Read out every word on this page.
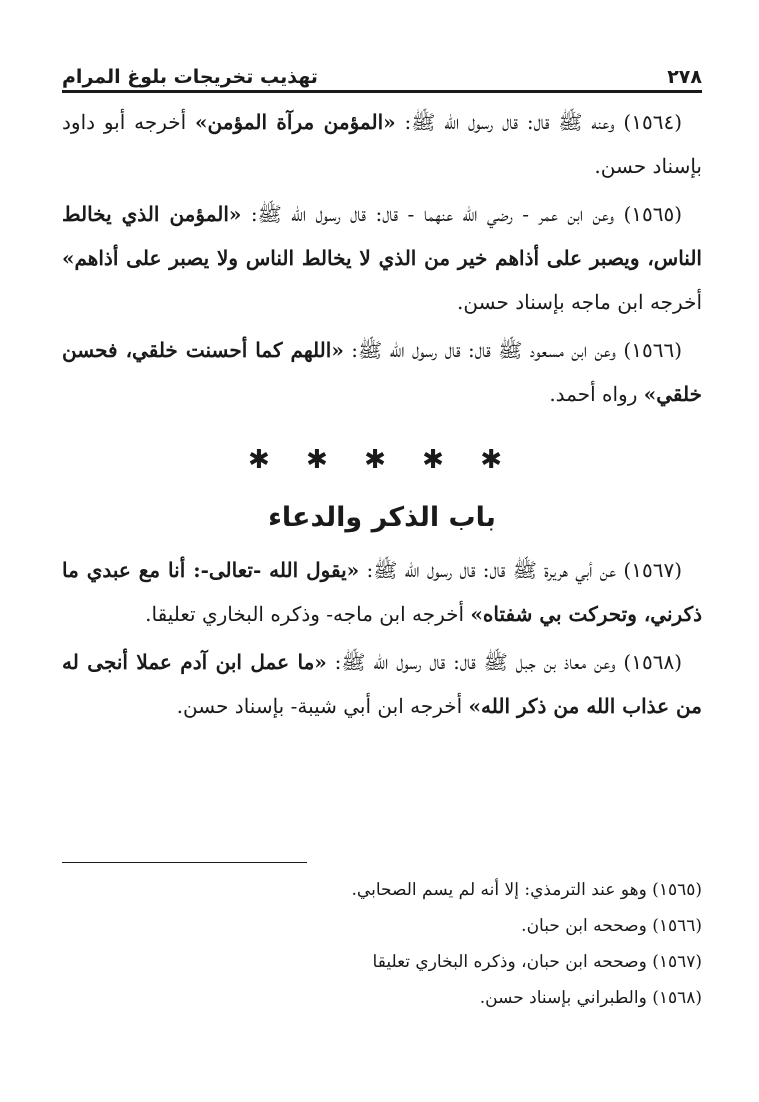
٢٧٨
تهذيب تخريجات بلوغ المرام

(١٥٦٤) وعنه ﷺ قال: قال رسول الله ﷺ: «المؤمن مرآة المؤمن» أخرجه أبو داود بإسناد حسن.

(١٥٦٥) وعن ابن عمر - رضي الله عنهما - قال: قال رسول الله ﷺ: «المؤمن الذي يخالط الناس، ويصبر على أذاهم خير من الذي لا يخالط الناس ولا يصبر على أذاهم» أخرجه ابن ماجه بإسناد حسن.

(١٥٦٦) وعن ابن مسعود ﷺ قال: قال رسول الله ﷺ: «اللهم كما أحسنت خلقي، فحسن خلقي» رواه أحمد.

✱ ✱ ✱ ✱ ✱
باب الذكر والدعاء

(١٥٦٧) عن أبي هريرة ﷺ قال: قال رسول الله ﷺ: «يقول الله -تعالى-: أنا مع عبدي ما ذكرني، وتحركت بي شفتاه» أخرجه ابن ماجه- وذكره البخاري تعليقا.

(١٥٦٨) وعن معاذ بن جبل ﷺ قال: قال رسول الله ﷺ: «ما عمل ابن آدم عملا أنجى له من عذاب الله من ذكر الله» أخرجه ابن أبي شيبة- بإسناد حسن.

(١٥٦٥) وهو عند الترمذي: إلا أنه لم يسم الصحابي.

(١٥٦٦) وصححه ابن حبان.

(١٥٦٧) وصححه ابن حبان، وذكره البخاري تعليقا

(١٥٦٨) والطبراني بإسناد حسن.
